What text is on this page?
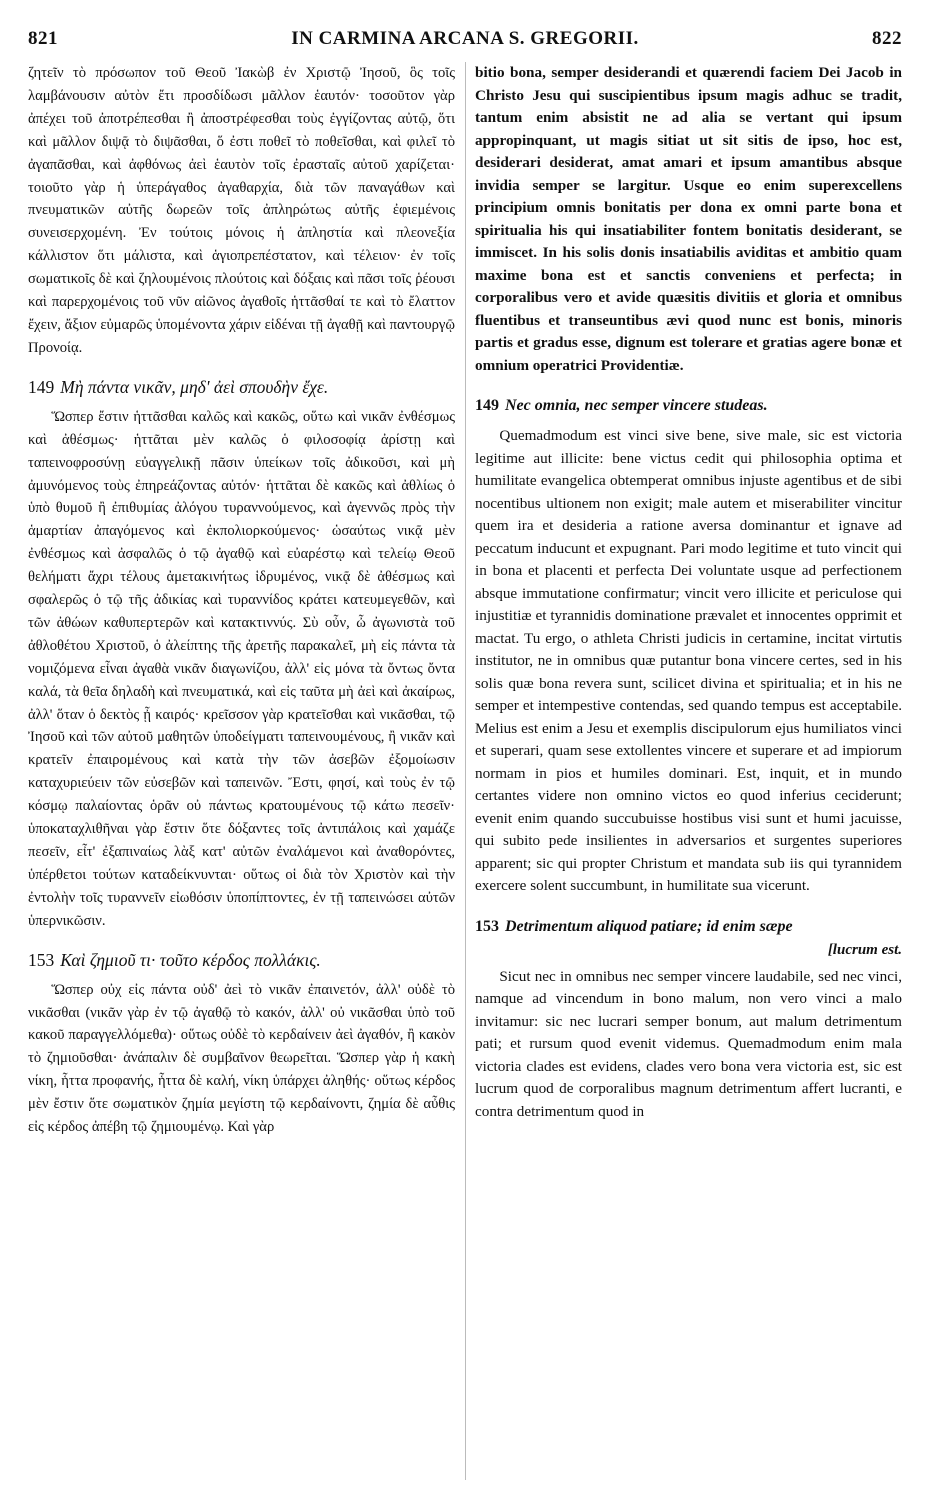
821	IN CARMINA ARCANA S. GREGORII.	822

ζητεῖν τὸ πρόσωπον τοῦ Θεοῦ Ἰακὼβ ἐν Χριστῷ Ἰησοῦ, ὃς τοῖς λαμβάνουσιν αὐτὸν ἔτι προσδίδωσι μᾶλλον ἑαυτόν· τοσοῦτον γὰρ ἀπέχει τοῦ ἀποτρέπεσθαι ἢ ἀποστρέφεσθαι τοὺς ἐγγίζοντας αὐτῷ, ὅτι καὶ μᾶλλον διψᾷ τὸ διψᾶσθαι, ὅ ἐστι ποθεῖ τὸ ποθεῖσθαι, καὶ φιλεῖ τὸ ἀγαπᾶσθαι, καὶ ἀφθόνως ἀεὶ ἑαυτὸν τοῖς ἐρασταῖς αὐτοῦ χαρίζεται· τοιοῦτο γὰρ ἡ ὑπεράγαθος ἀγαθαρχία, διὰ τῶν παναγάθων καὶ πνευματικῶν αὐτῆς δωρεῶν τοῖς ἀπληρώτως αὐτῆς ἐφιεμένοις συνεισερχομένη. Ἐν τούτοις μόνοις ἡ ἀπληστία καὶ πλεονεξία κάλλιστον ὅτι μάλιστα, καὶ ἁγιοπρεπέστατον, καὶ τέλειον· ἐν τοῖς σωματικοῖς δὲ καὶ ζηλουμένοις πλούτοις καὶ δόξαις καὶ πᾶσι τοῖς ῥέουσι καὶ παρερχομένοις τοῦ νῦν αἰῶνος ἀγαθοῖς ἡττᾶσθαί τε καὶ τὸ ἔλαττον ἔχειν, ἄξιον εὐμαρῶς ὑπομένοντα χάριν εἰδέναι τῇ ἀγαθῇ καὶ παντουργῷ Προνοίᾳ.

149 Μὴ πάντα νικᾶν, μηδ' ἀεὶ σπουδὴν ἔχε.

Ὥσπερ ἔστιν ἡττᾶσθαι καλῶς καὶ κακῶς, οὕτω καὶ νικᾶν ἐνθέσμως καὶ ἀθέσμως· ἡττᾶται μὲν καλῶς ὁ φιλοσοφίᾳ ἀρίστῃ καὶ ταπεινοφροσύνῃ εὐαγγελικῇ πᾶσιν ὑπείκων τοῖς ἀδικοῦσι, καὶ μὴ ἀμυνόμενος τοὺς ἐπηρεάζοντας αὐτόν· ἡττᾶται δὲ κακῶς καὶ ἀθλίως ὁ ὑπὸ θυμοῦ ἢ ἐπιθυμίας ἀλόγου τυραννούμενος, καὶ ἀγεννῶς πρὸς τὴν ἁμαρτίαν ἀπαγόμενος καὶ ἐκπολιορκούμενος· ὡσαύτως νικᾷ μὲν ἐνθέσμως καὶ ἀσφαλῶς ὁ τῷ ἀγαθῷ καὶ εὐαρέστῳ καὶ τελείῳ Θεοῦ θελήματι ἄχρι τέλους ἀμετακινήτως ἱδρυμένος, νικᾷ δὲ ἀθέσμως καὶ σφαλερῶς ὁ τῷ τῆς ἀδικίας καὶ τυραννίδος κράτει κατευμεγεθῶν, καὶ τῶν ἀθώων καθυπερτερῶν καὶ κατακτιννύς. Σὺ οὖν, ὦ ἀγωνιστὰ τοῦ ἀθλοθέτου Χριστοῦ, ὁ ἀλείπτης τῆς ἀρετῆς παρακαλεῖ, μὴ εἰς πάντα τὰ νομιζόμενα εἶναι ἀγαθὰ νικᾶν διαγωνίζου, ἀλλ' εἰς μόνα τὰ ὄντως ὄντα καλά, τὰ θεῖα δηλαδὴ καὶ πνευματικά, καὶ εἰς ταῦτα μὴ ἀεὶ καὶ ἀκαίρως, ἀλλ' ὅταν ὁ δεκτὸς ᾖ καιρός· κρεῖσσον γὰρ κρατεῖσθαι καὶ νικᾶσθαι, τῷ Ἰησοῦ καὶ τῶν αὐτοῦ μαθητῶν ὑποδείγματι ταπεινουμένους, ἢ νικᾶν καὶ κρατεῖν ἐπαιρομένους καὶ κατὰ τὴν τῶν ἀσεβῶν ἐξομοίωσιν καταχυριεύειν τῶν εὐσεβῶν καὶ ταπεινῶν. Ἔστι, φησί, καὶ τοὺς ἐν τῷ κόσμῳ παλαίοντας ὁρᾶν οὐ πάντως κρατουμένους τῷ κάτω πεσεῖν· ὑποκαταχλιθῆναι γὰρ ἔστιν ὅτε δόξαντες τοῖς ἀντιπάλοις καὶ χαμάζε πεσεῖν, εἶτ' ἐξαπιναίως λὰξ κατ' αὐτῶν ἐναλάμενοι καὶ ἀναθορόντες, ὑπέρθετοι τούτων καταδείκνυνται· οὕτως οἱ διὰ τὸν Χριστὸν καὶ τὴν ἐντολὴν τοῖς τυραννεῖν εἰωθόσιν ὑποπίπτοντες, ἐν τῇ ταπεινώσει αὐτῶν ὑπερνικῶσιν.

153 Καὶ ζημιοῦ τι· τοῦτο κέρδος πολλάκις.

Ὥσπερ οὐχ εἰς πάντα οὐδ' ἀεὶ τὸ νικᾶν ἐπαινετόν, ἀλλ' οὐδὲ τὸ νικᾶσθαι (νικᾶν γὰρ ἐν τῷ ἀγαθῷ τὸ κακόν, ἀλλ' οὐ νικᾶσθαι ὑπὸ τοῦ κακοῦ παραγγελλόμεθα)· οὕτως οὐδὲ τὸ κερδαίνειν ἀεὶ ἀγαθόν, ἢ κακὸν τὸ ζημιοῦσθαι· ἀνάπαλιν δὲ συμβαῖνον θεωρεῖται. Ὥσπερ γὰρ ἡ κακὴ νίκη, ἧττα προφανής, ἧττα δὲ καλή, νίκη ὑπάρχει ἀληθής· οὕτως κέρδος μὲν ἔστιν ὅτε σωματικὸν ζημία μεγίστη τῷ κερδαίνοντι, ζημία δὲ αὖθις εἰς κέρδος ἀπέβη τῷ ζημιουμένῳ. Καὶ γὰρ

bitio bona, semper desiderandi et quærendi faciem Dei Jacob in Christo Jesu qui suscipientibus ipsum magis adhuc se tradit, tantum enim absistit ne ad alia se vertant qui ipsum appropinquant, ut magis sitiat ut sit sitis de ipso, hoc est, desiderari desiderat, amat amari et ipsum amantibus absque invidia semper se largitur. Usque eo enim superexcellens principium omnis bonitatis per dona ex omni parte bona et spiritualia his qui insatiabiliter fontem bonitatis desiderant, se immiscet. In his solis donis insatiabilis aviditas et ambitio quam maxime bona est et sanctis conveniens et perfecta; in corporalibus vero et avide quæsitis divitiis et gloria et omnibus fluentibus et transeuntibus ævi quod nunc est bonis, minoris partis et gradus esse, dignum est tolerare et gratias agere bonæ et omnium operatrici Providentiæ.

149 Nec omnia, nec semper vincere studeas.

Quemadmodum est vinci sive bene, sive male, sic est victoria legitime aut illicite: bene victus cedit qui philosophia optima et humilitate evangelica obtemperat omnibus injuste agentibus et de sibi nocentibus ultionem non exigit; male autem et miserabiliter vincitur quem ira et desideria a ratione aversa dominantur et ignave ad peccatum inducunt et expugnant. Pari modo legitime et tuto vincit qui in bona et placenti et perfecta Dei voluntate usque ad perfectionem absque immutatione confirmatur; vincit vero illicite et periculose qui injustitiæ et tyrannidis dominatione prævalet et innocentes opprimit et mactat. Tu ergo, o athleta Christi judicis in certamine, incitat virtutis institutor, ne in omnibus quæ putantur bona vincere certes, sed in his solis quæ bona revera sunt, scilicet divina et spiritualia; et in his ne semper et intempestive contendas, sed quando tempus est acceptabile. Melius est enim a Jesu et exemplis discipulorum ejus humiliatos vinci et superari, quam sese extollentes vincere et superare et ad impiorum normam in pios et humiles dominari. Est, inquit, et in mundo certantes videre non omnino victos eo quod inferius ceciderunt; evenit enim quando succubuisse hostibus visi sunt et humi jacuisse, qui subito pede insilientes in adversarios et surgentes superiores apparent; sic qui propter Christum et mandata sub iis qui tyrannidem exercere solent succumbunt, in humilitate sua vicerunt.

153 Detrimentum aliquod patiare; id enim sæpe
[lucrum est.

Sicut nec in omnibus nec semper vincere laudabile, sed nec vinci, namque ad vincendum in bono malum, non vero vinci a malo invitamur: sic nec lucrari semper bonum, aut malum detrimentum pati; et rursum quod evenit videmus. Quemadmodum enim mala victoria clades est evidens, clades vero bona vera victoria est, sic est lucrum quod de corporalibus magnum detrimentum affert lucranti, e contra detrimentum quod in
